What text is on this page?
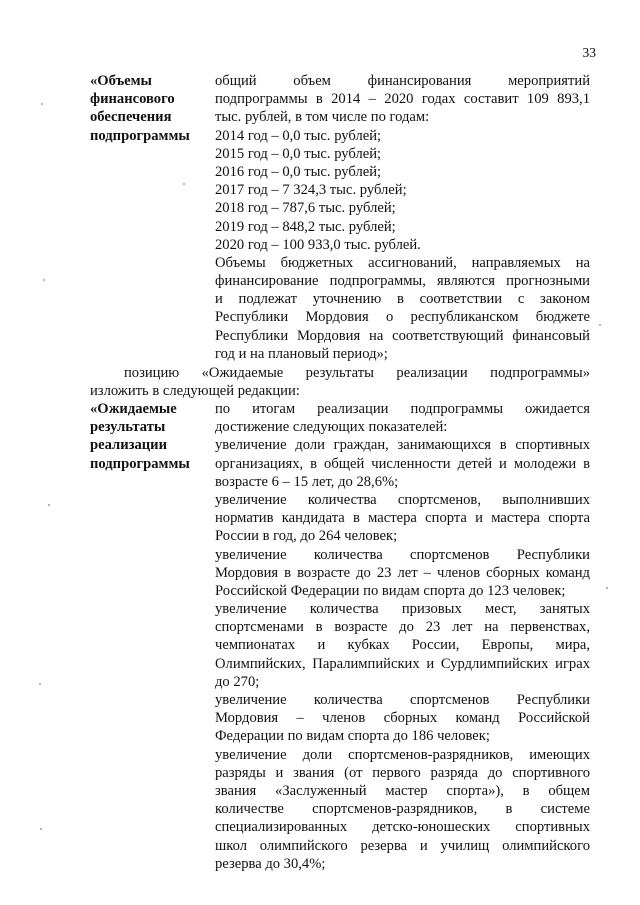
33
«Объемы
финансового
обеспечения
подпрограммы
общий объем финансирования мероприятий
подпрограммы в 2014 – 2020 годах составит 109 893,1
тыс. рублей, в том числе по годам:
2014 год – 0,0 тыс. рублей;
2015 год – 0,0 тыс. рублей;
2016 год – 0,0 тыс. рублей;
2017 год – 7 324,3 тыс. рублей;
2018 год – 787,6 тыс. рублей;
2019 год – 848,2 тыс. рублей;
2020 год – 100 933,0 тыс. рублей.
Объемы бюджетных ассигнований, направляемых на
финансирование подпрограммы, являются прогнозными
и подлежат уточнению в соответствии с законом
Республики Мордовия о республиканском бюджете
Республики Мордовия на соответствующий финансовый
год и на плановый период»;
позицию «Ожидаемые результаты реализации подпрограммы»
изложить в следующей редакции:
«Ожидаемые
результаты
реализации
подпрограммы
по итогам реализации подпрограммы ожидается
достижение следующих показателей:
увеличение доли граждан, занимающихся в спортивных
организациях, в общей численности детей и молодежи в
возрасте 6 – 15 лет, до 28,6%;
увеличение количества спортсменов, выполнивших
норматив кандидата в мастера спорта и мастера спорта
России в год, до 264 человек;
увеличение количества спортсменов Республики
Мордовия в возрасте до 23 лет – членов сборных команд
Российской Федерации по видам спорта до 123 человек;
увеличение количества призовых мест, занятых
спортсменами в возрасте до 23 лет на первенствах,
чемпионатах и кубках России, Европы, мира,
Олимпийских, Паралимпийских и Сурдлимпийских играх
до 270;
увеличение количества спортсменов Республики
Мордовия – членов сборных команд Российской
Федерации по видам спорта до 186 человек;
увеличение доли спортсменов-разрядников, имеющих
разряды и звания (от первого разряда до спортивного
звания «Заслуженный мастер спорта»), в общем
количестве спортсменов-разрядников, в системе
специализированных детско-юношеских спортивных
школ олимпийского резерва и училищ олимпийского
резерва до 30,4%;
